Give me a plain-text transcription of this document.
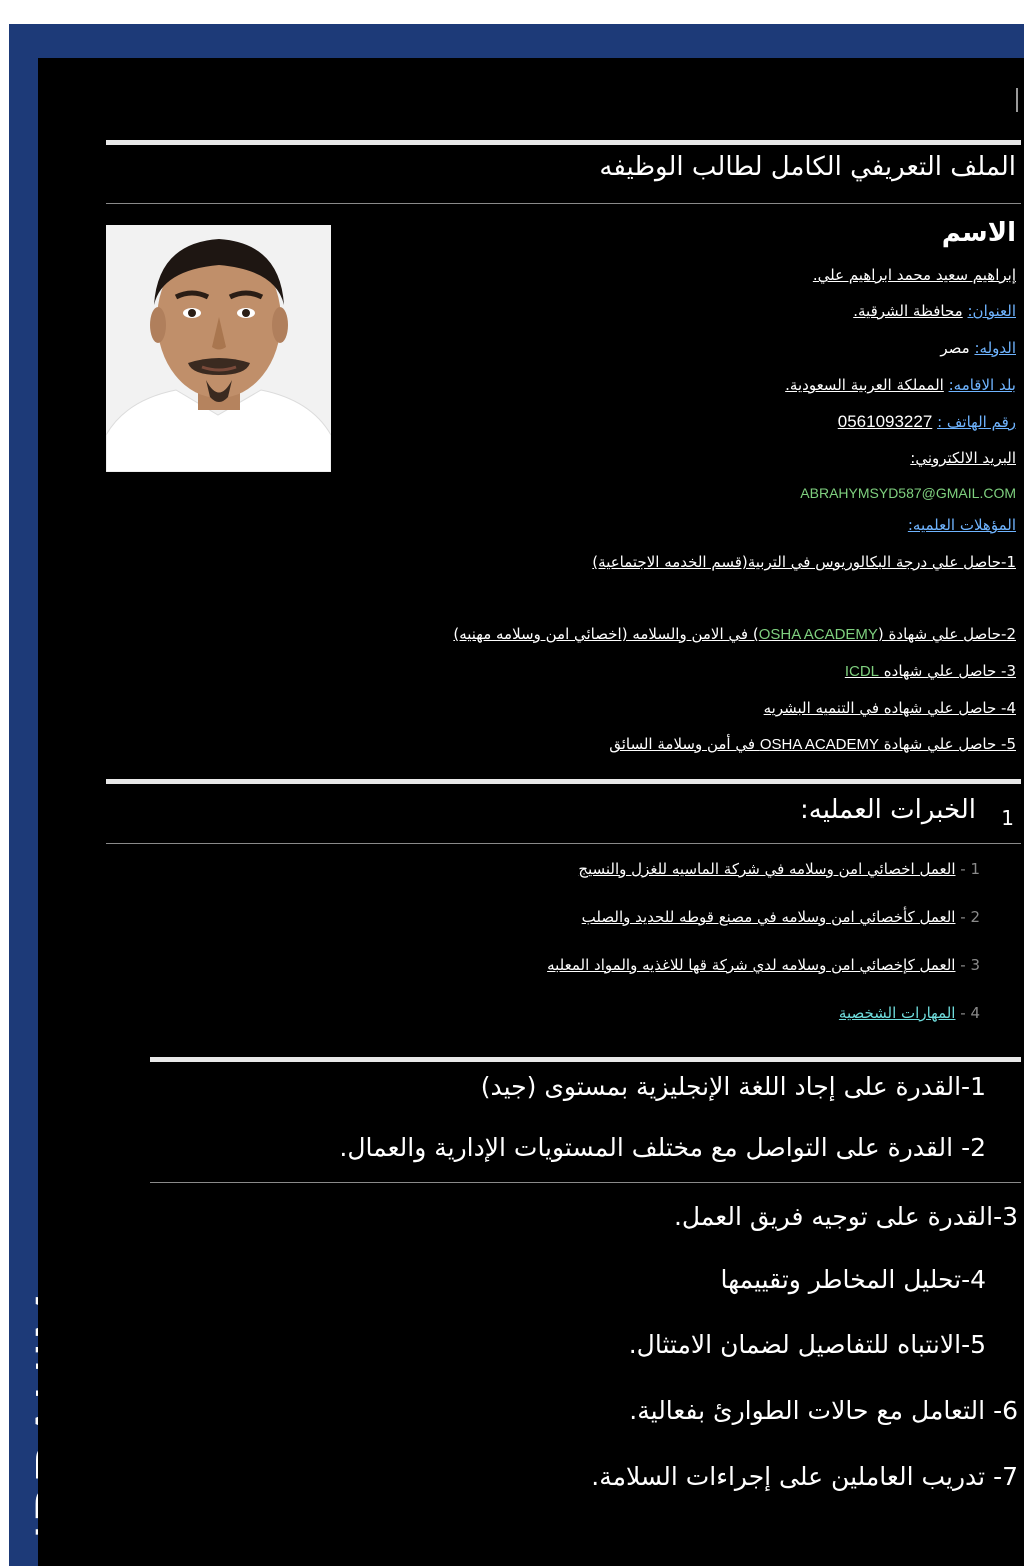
الملف التعريفي الكامل لطالب الوظيفه
الاسم
إبراهيم سعيد محمد ابراهيم علي.
العنوان: محافظة الشرقية.
الدوله: مصر
بلد الاقامه: المملكة العربية السعودية.
رقم الهاتف : 0561093227
البريد الالكتروني:
ABRAHYMSYD587@GMAIL.COM
المؤهلات العلميه:
1-حاصل علي درجة البكالوريوس في التربية(قسم الخدمه الاجتماعية)
2-حاصل علي شهادة (OSHA ACADEMY) في الامن والسلامه (اخصائي امن وسلامه مهنيه)
3- حاصل علي شهاده ICDL
4- حاصل علي شهاده في التنميه البشريه
5- حاصل علي شهادة OSHA ACADEMY في أمن وسلامة السائق
1
الخبرات العمليه:
1 - العمل اخصائي امن وسلامه في شركة الماسيه للغزل والنسيج
2 - العمل كأخصائي امن وسلامه في مصنع قوطه للحديد والصلب
3 - العمل كإخصائي امن وسلامه لدي شركة قها للاغذيه والمواد المعلبه
4 - المهارات الشخصية
1-القدرة على إجاد اللغة الإنجليزية بمستوى (جيد)
2- القدرة على التواصل مع مختلف المستويات الإدارية والعمال.
3-القدرة على توجيه فريق العمل.
4-تحليل المخاطر وتقييمها
5-الانتباه للتفاصيل لضمان الامتثال.
6- التعامل مع حالات الطوارئ بفعالية.
7- تدريب العاملين على إجراءات السلامة.
